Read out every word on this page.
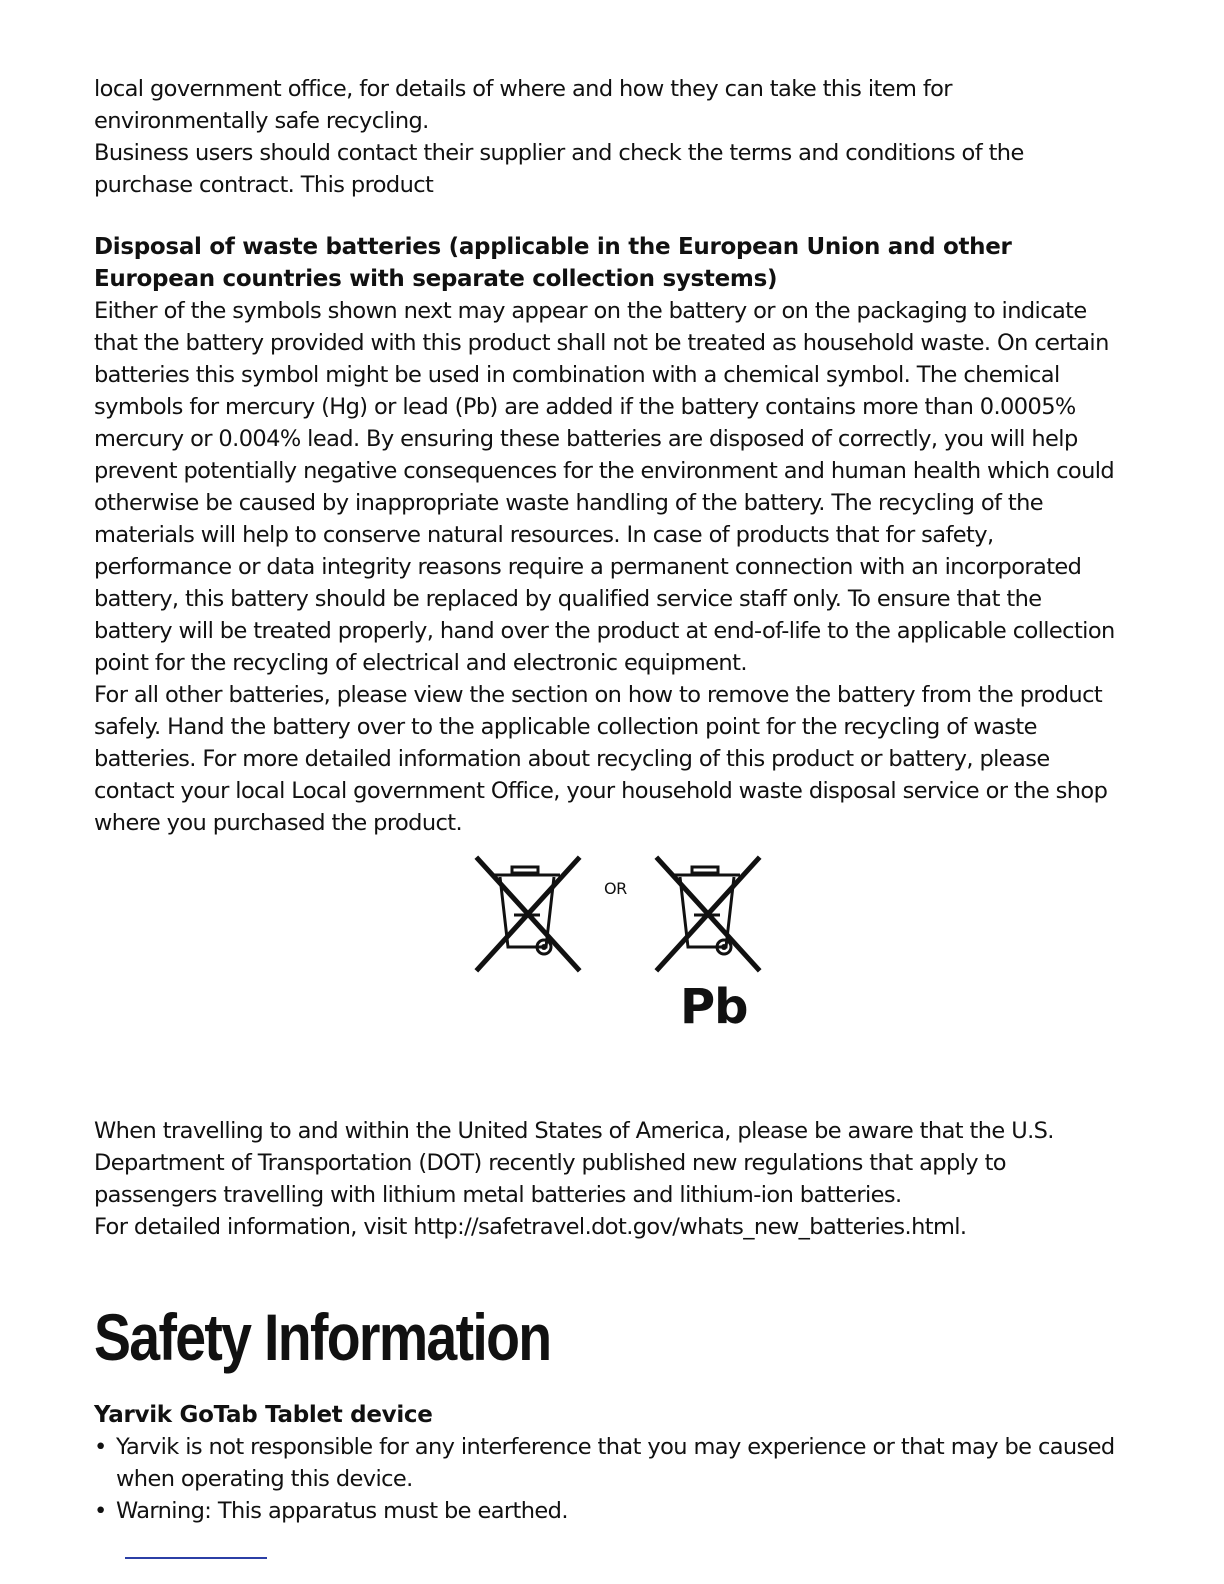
local government office, for details of where and how they can take this item for environmentally safe recycling.

Business users should contact their supplier and check the terms and conditions of the purchase contract. This product

Disposal of waste batteries (applicable in the European Union and other European countries with separate collection systems)

Either of the symbols shown next may appear on the battery or on the packaging to indicate that the battery provided with this product shall not be treated as household waste. On certain batteries this symbol might be used in combination with a chemical symbol. The chemical symbols for mercury (Hg) or lead (Pb) are added if the battery contains more than 0.0005% mercury or 0.004% lead. By ensuring these batteries are disposed of correctly, you will help prevent potentially negative consequences for the environment and human health which could otherwise be caused by inappropriate waste handling of the battery. The recycling of the materials will help to conserve natural resources. In case of products that for safety, performance or data integrity reasons require a permanent connection with an incorporated battery, this battery should be replaced by qualified service staff only. To ensure that the battery will be treated properly, hand over the product at end-of-life to the applicable collection point for the recycling of electrical and electronic equipment.

For all other batteries, please view the section on how to remove the battery from the product safely. Hand the battery over to the applicable collection point for the recycling of waste batteries. For more detailed information about recycling of this product or battery, please contact your local Local government Office, your household waste disposal service or the shop where you purchased the product.

OR
Pb

When travelling to and within the United States of America, please be aware that the U.S. Department of Transportation (DOT) recently published new regulations that apply to passengers travelling with lithium metal batteries and lithium-ion batteries.

For detailed information, visit http://safetravel.dot.gov/whats_new_batteries.html.

Safety Information
Yarvik GoTab Tablet device
• Yarvik is not responsible for any interference that you may experience or that may be caused when operating this device.
• Warning: This apparatus must be earthed.
